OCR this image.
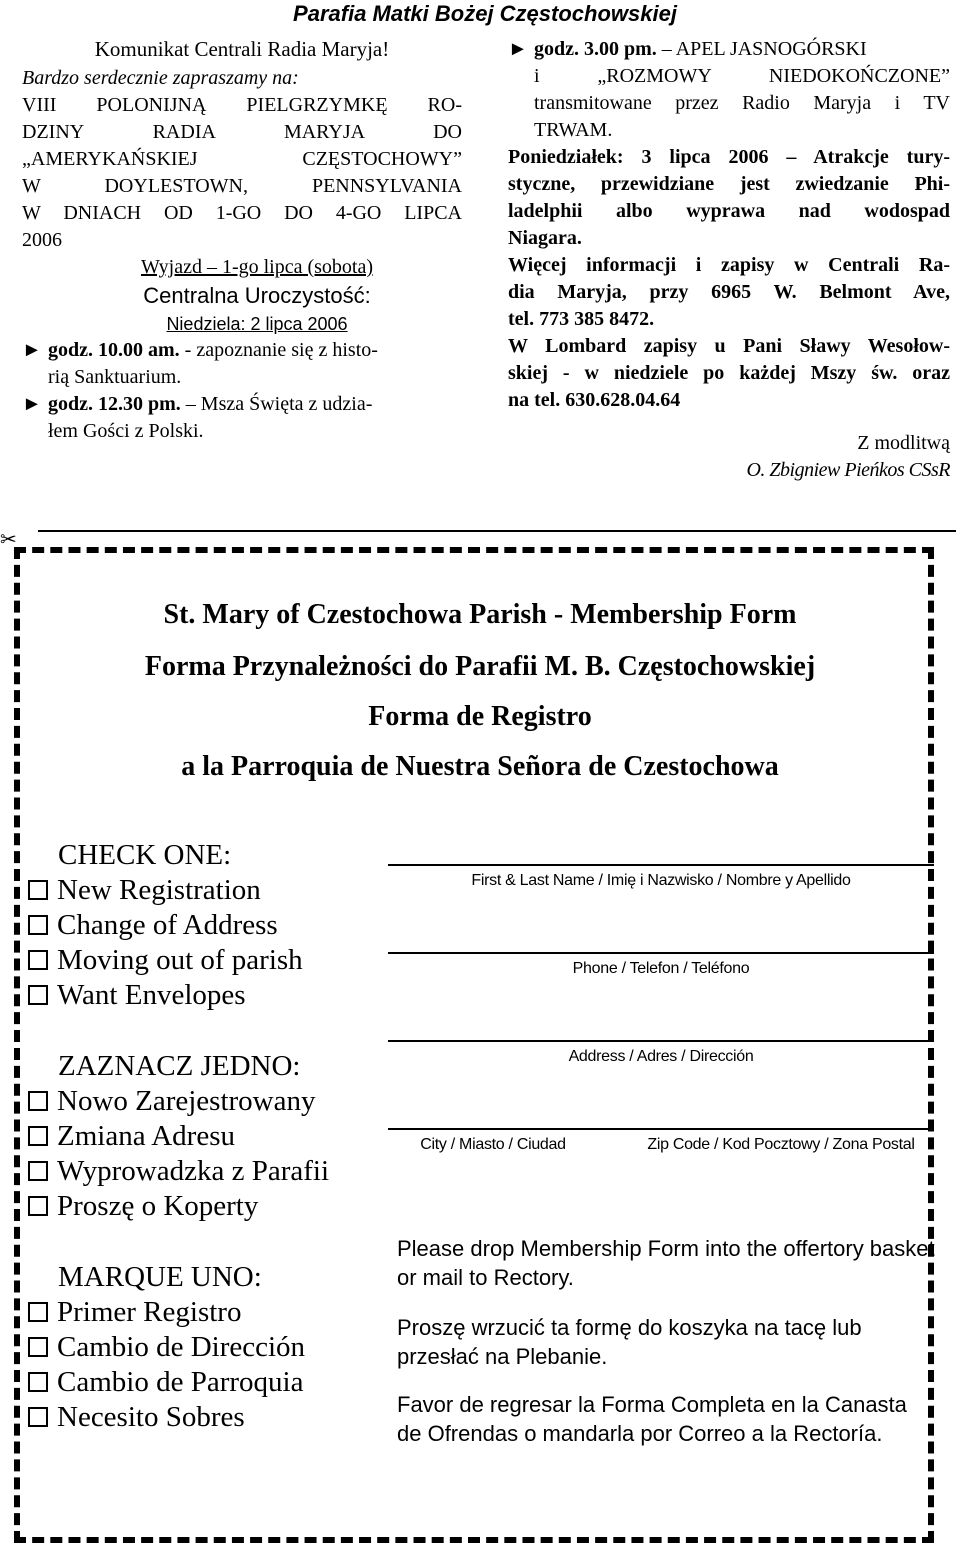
Parafia Matki Bożej Częstochowskiej
Komunikat Centrali Radia Maryja!
Bardzo serdecznie zapraszamy na:
VIII POLONIJNĄ PIELGRZYMKĘ RO-
DZINY RADIA MARYJA DO
„AMERYKAŃSKIEJ CZĘSTOCHOWY”
W DOYLESTOWN, PENNSYLVANIA
W DNIACH OD 1-GO DO 4-GO LIPCA
2006
Wyjazd – 1-go lipca (sobota)
Centralna Uroczystość:
Niedziela: 2 lipca 2006
► godz. 10.00 am. - zapoznanie się z histo-
rią Sanktuarium.
► godz. 12.30 pm. – Msza Święta z udzia-
łem Gości z Polski.
► godz. 3.00 pm. – APEL JASNOGÓRSKI
i „ROZMOWY NIEDOKOŃCZONE”
transmitowane przez Radio Maryja i TV
TRWAM.
Poniedziałek: 3 lipca 2006 – Atrakcje tury-
styczne, przewidziane jest zwiedzanie Phi-
ladelphii albo wyprawa nad wodospad
Niagara.
Więcej informacji i zapisy w Centrali Ra-
dia Maryja, przy 6965 W. Belmont Ave,
tel. 773 385 8472.
W Lombard zapisy u Pani Sławy Wesołow-
skiej - w niedziele po każdej Mszy św. oraz
na tel. 630.628.04.64
Z modlitwą
O. Zbigniew Pieńkos CSsR
✂
St. Mary of Czestochowa Parish - Membership Form
Forma Przynależności do Parafii M. B. Częstochowskiej
Forma de Registro
a la Parroquia de Nuestra Señora de Czestochowa
CHECK ONE:
New Registration
Change of Address
Moving out of parish
Want Envelopes
ZAZNACZ JEDNO:
Nowo Zarejestrowany
Zmiana Adresu
Wyprowadzka z Parafii
Proszę o Koperty
MARQUE UNO:
Primer Registro
Cambio de Dirección
Cambio de Parroquia
Necesito Sobres
First & Last Name / Imię i Nazwisko / Nombre y Apellido
Phone / Telefon / Teléfono
Address / Adres / Dirección
City / Miasto / Ciudad	Zip Code / Kod Pocztowy / Zona Postal
Please drop Membership Form into the offertory basket or mail to Rectory.
Proszę wrzucić ta formę do koszyka na tacę lub przesłać na Plebanie.
Favor de regresar la Forma Completa en la Canasta de Ofrendas o mandarla por Correo a la Rectoría.
